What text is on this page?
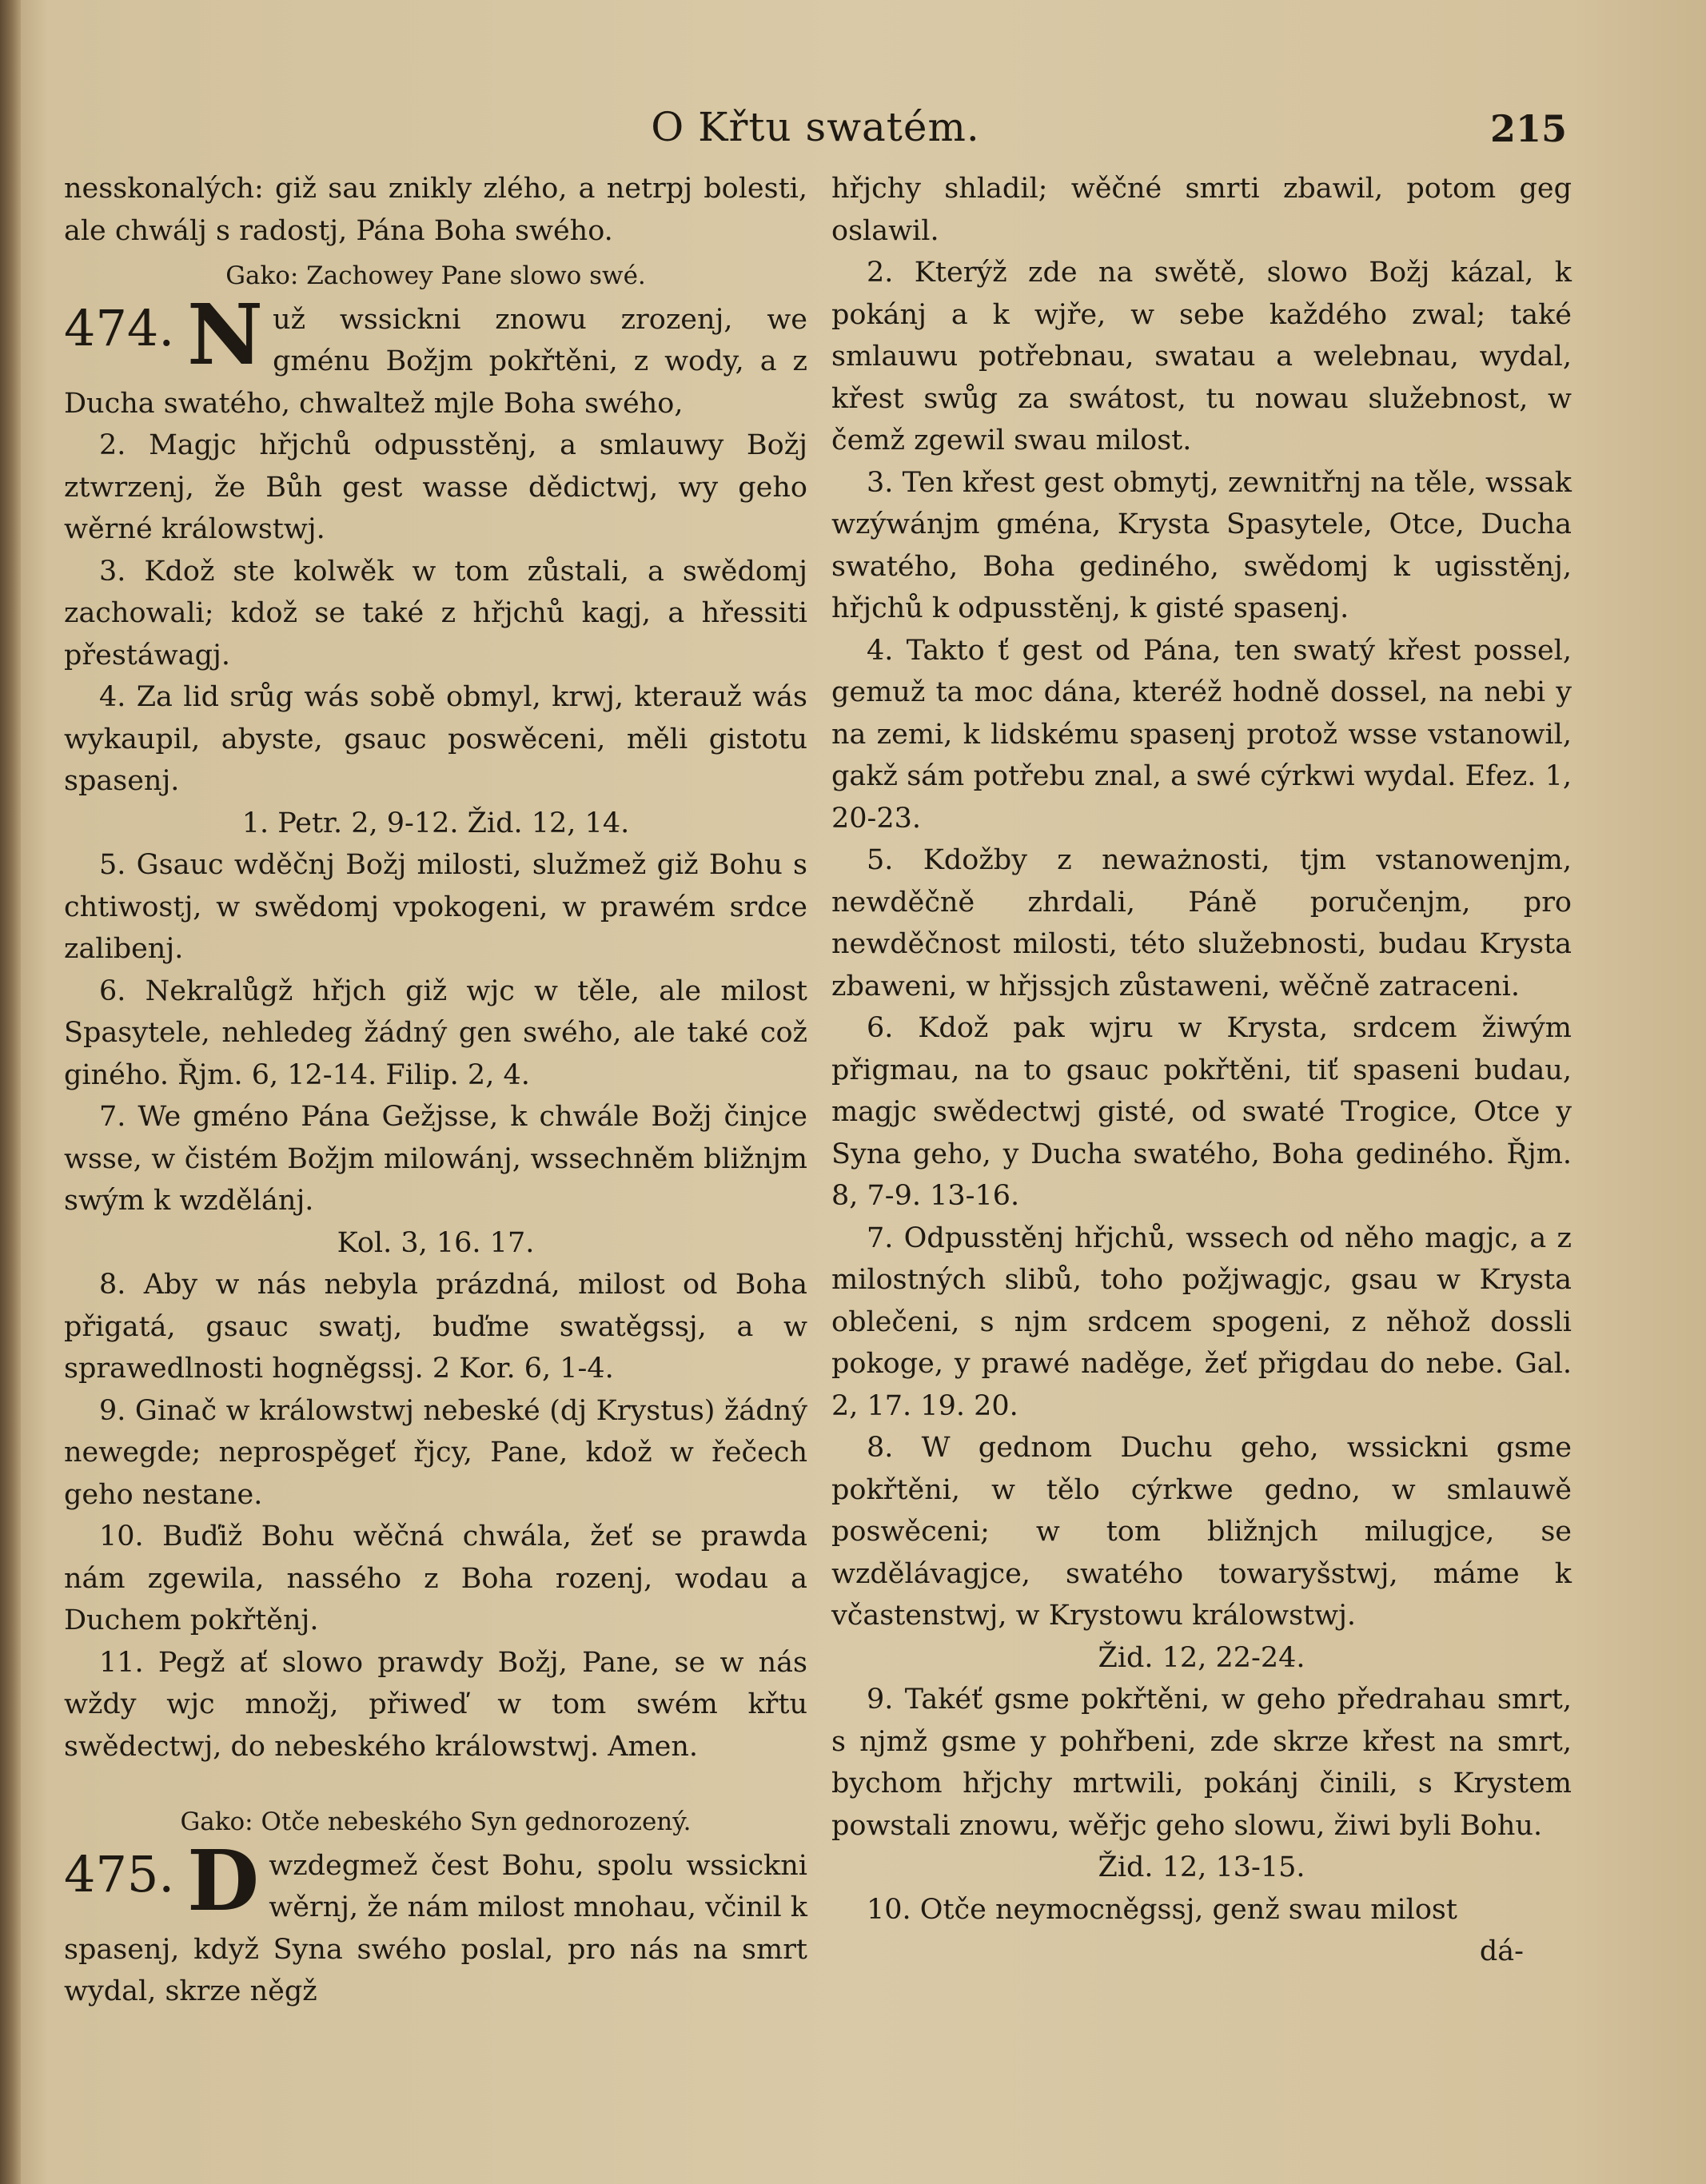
O Křtu swatém.	215

nesskonalých: giž sau znikly zlého, a netrpj bolesti, ale chwálj s radostj, Pána Boha swého.

Gako: Zachowey Pane slowo swé.

474. N už wssickni znowu zrozenj, we gménu Božjm pokřtěni, z wody, a z Ducha swatého, chwaltež mjle Boha swého,

2. Magjc hřjchů odpusstěnj, a smlauwy Božj ztwrzenj, že Bůh gest wasse dědictwj, wy geho wěrné králowstwj.

3. Kdož ste kolwěk w tom zůstali, a swědomj zachowali; kdož se také z hřjchů kagj, a hřessiti přestáwagj.

4. Za lid srůg wás sobě obmyl, krwj, kterauž wás wykaupil, abyste, gsauc poswěceni, měli gistotu spasenj.

1. Petr. 2, 9-12. Žid. 12, 14.

5. Gsauc wděčnj Božj milosti, služmež giž Bohu s chtiwostj, w swědomj vpokogeni, w prawém srdce zalibenj.

6. Nekralůgž hřjch giž wjc w těle, ale milost Spasytele, nehledeg žádný gen swého, ale také což giného. Řjm. 6, 12-14. Filip. 2, 4.

7. We gméno Pána Gežjsse, k chwále Božj činjce wsse, w čistém Božjm milowánj, wssechněm bližnjm swým k wzdělánj.

Kol. 3, 16. 17.

8. Aby w nás nebyla prázdná, milost od Boha přigatá, gsauc swatj, buďme swatěgssj, a w sprawedlnosti hogněgssj. 2 Kor. 6, 1-4.

9. Ginač w králowstwj nebeské (dj Krystus) žádný newegde; neprospěgeť řjcy, Pane, kdož w řečech geho nestane.

10. Buďiž Bohu wěčná chwála, žeť se prawda nám zgewila, nassého z Boha rozenj, wodau a Duchem pokřtěnj.

11. Pegž ať slowo prawdy Božj, Pane, se w nás wždy wjc množj, přiweď w tom swém křtu swědectwj, do nebeského králowstwj. Amen.

Gako: Otče nebeského Syn gednorozený.

475. D wzdegmež čest Bohu, spolu wssickni wěrnj, že nám milost mnohau, včinil k spasenj, když Syna swého poslal, pro nás na smrt wydal, skrze něgž

hřjchy shladil; wěčné smrti zbawil, potom geg oslawil.

2. Kterýž zde na swětě, slowo Božj kázal, k pokánj a k wjře, w sebe každého zwal; také smlauwu potřebnau, swatau a welebnau, wydal, křest swůg za swátost, tu nowau služebnost, w čemž zgewil swau milost.

3. Ten křest gest obmytj, zewnitřnj na těle, wssak wzýwánjm gména, Krysta Spasytele, Otce, Ducha swatého, Boha gediného, swědomj k ugisstěnj, hřjchů k odpusstěnj, k gisté spasenj.

4. Takto ť gest od Pána, ten swatý křest possel, gemuž ta moc dána, kteréž hodně dossel, na nebi y na zemi, k lidskému spasenj protož wsse vstanowil, gakž sám potřebu znal, a swé cýrkwi wydal. Efez. 1, 20-23.

5. Kdožby z neważnosti, tjm vstanowenjm, newděčně zhrdali, Páně poručenjm, pro newděčnost milosti, této služebnosti, budau Krysta zbaweni, w hřjssjch zůstaweni, wěčně zatraceni.

6. Kdož pak wjru w Krysta, srdcem žiwým přigmau, na to gsauc pokřtěni, tiť spaseni budau, magjc swědectwj gisté, od swaté Trogice, Otce y Syna geho, y Ducha swatého, Boha gediného. Řjm. 8, 7-9. 13-16.

7. Odpusstěnj hřjchů, wssech od něho magjc, a z milostných slibů, toho požjwagjc, gsau w Krysta oblečeni, s njm srdcem spogeni, z něhož dossli pokoge, y prawé naděge, žeť přigdau do nebe. Gal. 2, 17. 19. 20.

8. W gednom Duchu geho, wssickni gsme pokřtěni, w tělo cýrkwe gedno, w smlauwě poswěceni; w tom bližnjch milugjce, se wzdělávagjce, swatého towaryšstwj, máme k včastenstwj, w Krystowu králowstwj.

Žid. 12, 22-24.

9. Takéť gsme pokřtěni, w geho předrahau smrt, s njmž gsme y pohřbeni, zde skrze křest na smrt, bychom hřjchy mrtwili, pokánj činili, s Krystem powstali znowu, wěřjc geho slowu, žiwi byli Bohu.

Žid. 12, 13-15.

10. Otče neymocněgssj, genž swau milost

dá-
